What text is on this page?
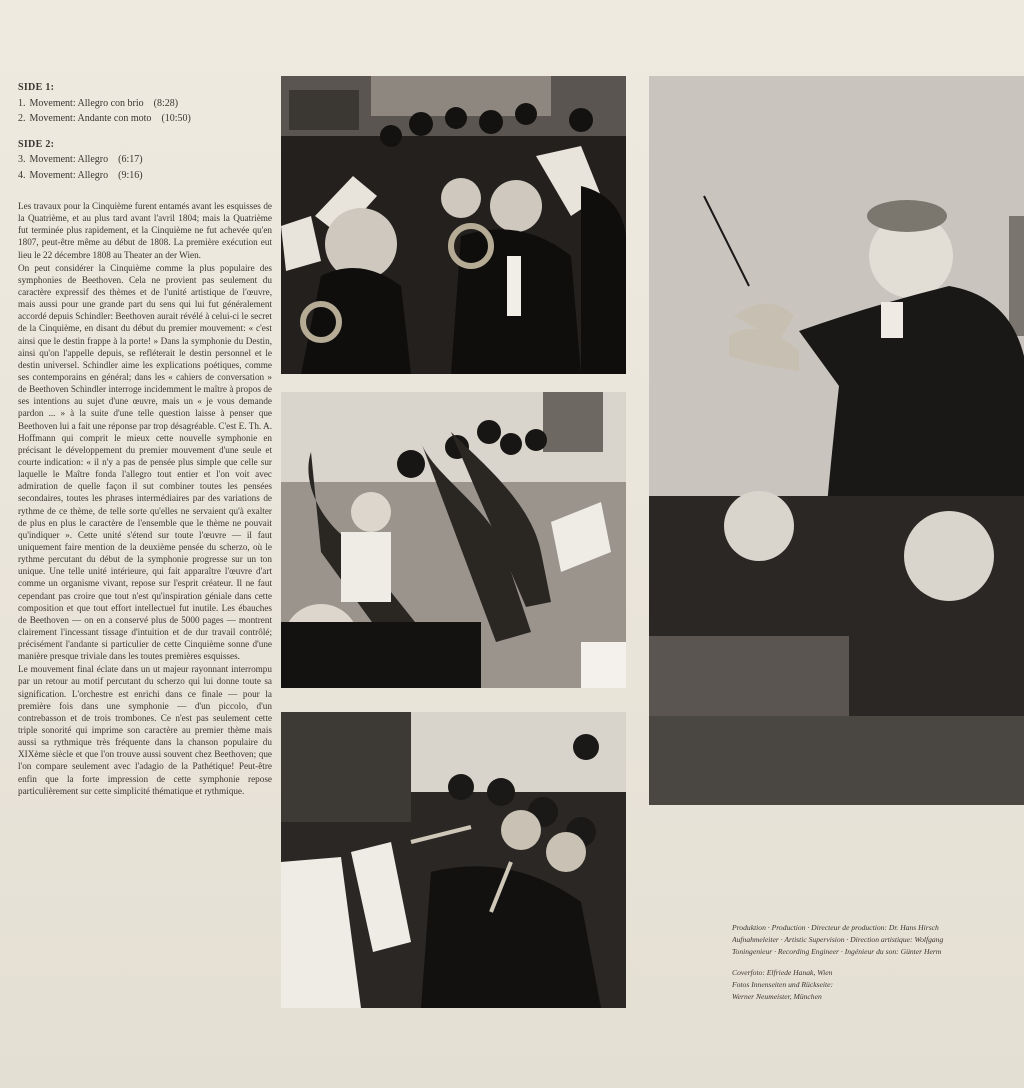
SIDE 1:
1. Movement: Allegro con brio (8:28)
2. Movement: Andante con moto (10:50)
SIDE 2:
3. Movement: Allegro (6:17)
4. Movement: Allegro (9:16)

Les travaux pour la Cinquième furent entamés avant les esquisses de la Quatrième, et au plus tard avant l'avril 1804; mais la Quatrième fut terminée plus rapidement, et la Cinquième ne fut achevée qu'en 1807, peut-être même au début de 1808. La première exécution eut lieu le 22 décembre 1808 au Theater an der Wien.

On peut considérer la Cinquième comme la plus populaire des symphonies de Beethoven. Cela ne provient pas seulement du caractère expressif des thèmes et de l'unité artistique de l'œuvre, mais aussi pour une grande part du sens qui lui fut généralement accordé depuis Schindler: Beethoven aurait révélé à celui-ci le secret de la Cinquième, en disant du début du premier mouvement: « c'est ainsi que le destin frappe à la porte! » Dans la symphonie du Destin, ainsi qu'on l'appelle depuis, se refléterait le destin personnel et le destin universel. Schindler aime les explications poétiques, comme ses contemporains en général; dans les « cahiers de conversation » de Beethoven Schindler interroge incidemment le maître à propos de ses intentions au sujet d'une œuvre, mais un « je vous demande pardon ... » à la suite d'une telle question laisse à penser que Beethoven lui a fait une réponse par trop désagréable. C'est E. Th. A. Hoffmann qui comprit le mieux cette nouvelle symphonie en précisant le développement du premier mouvement d'une seule et courte indication: « il n'y a pas de pensée plus simple que celle sur laquelle le Maître fonda l'allegro tout entier et l'on voit avec admiration de quelle façon il sut combiner toutes les pensées secondaires, toutes les phrases intermédiaires par des variations de rythme de ce thème, de telle sorte qu'elles ne servaient qu'à exalter de plus en plus le caractère de l'ensemble que le thème ne pouvait qu'indiquer ». Cette unité s'étend sur toute l'œuvre — il faut uniquement faire mention de la deuxième pensée du scherzo, où le rythme percutant du début de la symphonie progresse sur un ton unique. Une telle unité intérieure, qui fait apparaître l'œuvre d'art comme un organisme vivant, repose sur l'esprit créateur. Il ne faut cependant pas croire que tout n'est qu'inspiration géniale dans cette composition et que tout effort intellectuel fut inutile. Les ébauches de Beethoven — on en a conservé plus de 5000 pages — montrent clairement l'incessant tissage d'intuition et de dur travail contrôlé; précisément l'andante si particulier de cette Cinquième sonne d'une manière presque triviale dans les toutes premières esquisses.

Le mouvement final éclate dans un ut majeur rayonnant interrompu par un retour au motif percutant du scherzo qui lui donne toute sa signification. L'orchestre est enrichi dans ce finale — pour la première fois dans une symphonie — d'un piccolo, d'un contrebasson et de trois trombones. Ce n'est pas seulement cette triple sonorité qui imprime son caractère au premier thème mais aussi sa rythmique très fréquente dans la chanson populaire du XIXème siècle et que l'on trouve aussi souvent chez Beethoven; que l'on compare seulement avec l'adagio de la Pathétique! Peut-être enfin que la forte impression de cette symphonie repose particulièrement sur cette simplicité thématique et rythmique.

Produktion · Production · Directeur de production: Dr. Hans Hirsch
Aufnahmeleiter · Artistic Supervision · Direction artistique: Wolfgang
Toningenieur · Recording Engineer · Ingénieur du son: Günter Herm
Coverfoto: Elfriede Hanak, Wien
Fotos Innenseiten und Rückseite:
Werner Neumeister, München
